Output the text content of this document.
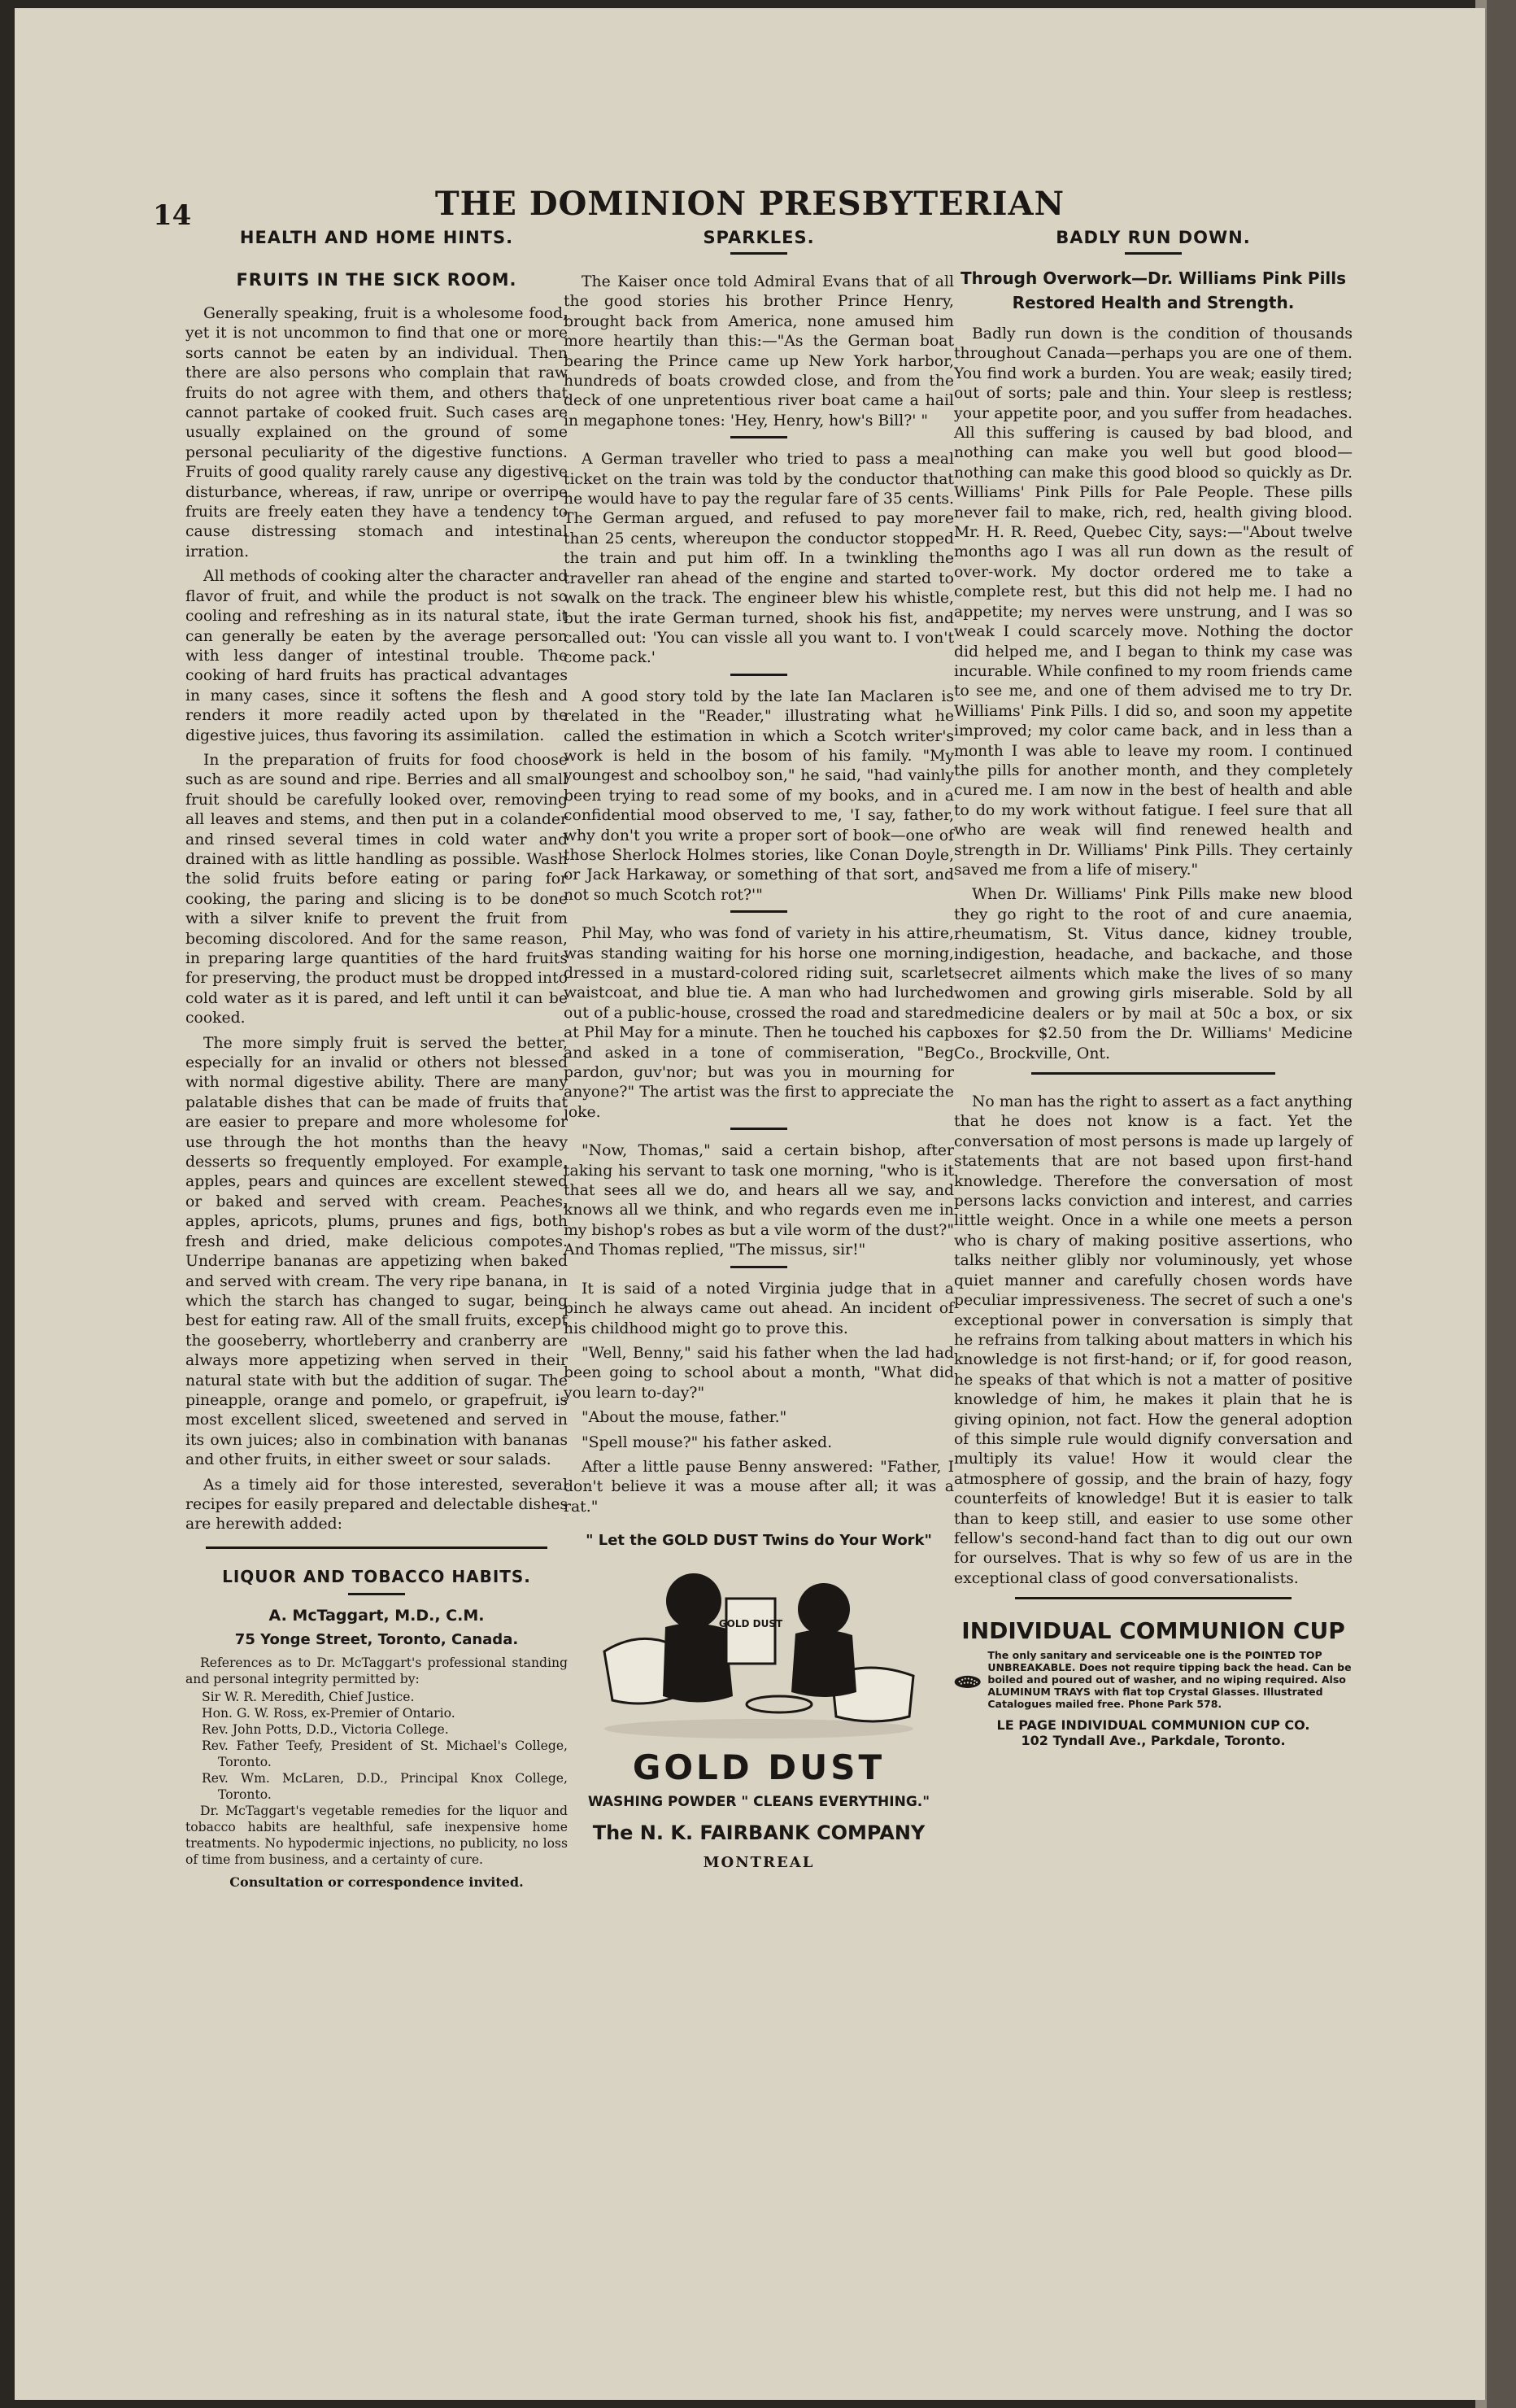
14	THE DOMINION PRESBYTERIAN
HEALTH AND HOME HINTS.
FRUITS IN THE SICK ROOM.

Generally speaking, fruit is a wholesome food, yet it is not uncommon to find that one or more sorts cannot be eaten by an individual. Then there are also persons who complain that raw fruits do not agree with them, and others that cannot partake of cooked fruit. Such cases are usually explained on the ground of some personal peculiarity of the digestive functions. Fruits of good quality rarely cause any digestive disturbance, whereas, if raw, unripe or overripe fruits are freely eaten they have a tendency to cause distressing stomach and intestinal irration.

All methods of cooking alter the character and flavor of fruit, and while the product is not so cooling and refreshing as in its natural state, it can generally be eaten by the average person with less danger of intestinal trouble. The cooking of hard fruits has practical advantages in many cases, since it softens the flesh and renders it more readily acted upon by the digestive juices, thus favoring its assimilation.

In the preparation of fruits for food choose such as are sound and ripe. Berries and all small fruit should be carefully looked over, removing all leaves and stems, and then put in a colander and rinsed several times in cold water and drained with as little handling as possible. Wash the solid fruits before eating or paring for cooking, the paring and slicing is to be done with a silver knife to prevent the fruit from becoming discolored. And for the same reason, in preparing large quantities of the hard fruits for preserving, the product must be dropped into cold water as it is pared, and left until it can be cooked.

The more simply fruit is served the better, especially for an invalid or others not blessed with normal digestive ability. There are many palatable dishes that can be made of fruits that are easier to prepare and more wholesome for use through the hot months than the heavy desserts so frequently employed. For example, apples, pears and quinces are excellent stewed or baked and served with cream. Peaches, apples, apricots, plums, prunes and figs, both fresh and dried, make delicious compotes. Underripe bananas are appetizing when baked and served with cream. The very ripe banana, in which the starch has changed to sugar, being best for eating raw. All of the small fruits, except the gooseberry, whortleberry and cranberry are always more appetizing when served in their natural state with but the addition of sugar. The pineapple, orange and pomelo, or grapefruit, is most excellent sliced, sweetened and served in its own juices; also in combination with bananas and other fruits, in either sweet or sour salads.

As a timely aid for those interested, several recipes for easily prepared and delectable dishes are herewith added:

LIQUOR AND TOBACCO HABITS.
A. McTaggart, M.D., C.M.
75 Yonge Street, Toronto, Canada.

References as to Dr. McTaggart's professional standing and personal integrity permitted by:

Sir W. R. Meredith, Chief Justice.

Hon. G. W. Ross, ex-Premier of Ontario.

Rev. John Potts, D.D., Victoria College.

Rev. Father Teefy, President of St. Michael's College, Toronto.

Rev. Wm. McLaren, D.D., Principal Knox College, Toronto.

Dr. McTaggart's vegetable remedies for the liquor and tobacco habits are healthful, safe inexpensive home treatments. No hypodermic injections, no publicity, no loss of time from business, and a certainty of cure.

Consultation or correspondence invited.
SPARKLES.

The Kaiser once told Admiral Evans that of all the good stories his brother Prince Henry, brought back from America, none amused him more heartily than this:—"As the German boat bearing the Prince came up New York harbor, hundreds of boats crowded close, and from the deck of one unpretentious river boat came a hail in megaphone tones: 'Hey, Henry, how's Bill?' "

A German traveller who tried to pass a meal ticket on the train was told by the conductor that he would have to pay the regular fare of 35 cents. The German argued, and refused to pay more than 25 cents, whereupon the conductor stopped the train and put him off. In a twinkling the traveller ran ahead of the engine and started to walk on the track. The engineer blew his whistle, but the irate German turned, shook his fist, and called out: 'You can vissle all you want to. I von't come pack.'

A good story told by the late Ian Maclaren is related in the "Reader," illustrating what he called the estimation in which a Scotch writer's work is held in the bosom of his family. "My youngest and schoolboy son," he said, "had vainly been trying to read some of my books, and in a confidential mood observed to me, 'I say, father, why don't you write a proper sort of book—one of those Sherlock Holmes stories, like Conan Doyle, or Jack Harkaway, or something of that sort, and not so much Scotch rot?'"

Phil May, who was fond of variety in his attire, was standing waiting for his horse one morning, dressed in a mustard-colored riding suit, scarlet waistcoat, and blue tie. A man who had lurched out of a public-house, crossed the road and stared at Phil May for a minute. Then he touched his cap and asked in a tone of commiseration, "Beg pardon, guv'nor; but was you in mourning for anyone?" The artist was the first to appreciate the joke.

"Now, Thomas," said a certain bishop, after taking his servant to task one morning, "who is it that sees all we do, and hears all we say, and knows all we think, and who regards even me in my bishop's robes as but a vile worm of the dust?" And Thomas replied, "The missus, sir!"

It is said of a noted Virginia judge that in a pinch he always came out ahead. An incident of his childhood might go to prove this.

"Well, Benny," said his father when the lad had been going to school about a month, "What did you learn to-day?"

"About the mouse, father."

"Spell mouse?" his father asked.

After a little pause Benny answered: "Father, I don't believe it was a mouse after all; it was a rat."

" Let the GOLD DUST Twins do Your Work"
GOLD DUST
GOLD DUST
WASHING POWDER " CLEANS EVERYTHING."
The N. K. FAIRBANK COMPANY
MONTREAL
BADLY RUN DOWN.
Through Overwork—Dr. Williams Pink Pills Restored Health and Strength.

Badly run down is the condition of thousands throughout Canada—perhaps you are one of them. You find work a burden. You are weak; easily tired; out of sorts; pale and thin. Your sleep is restless; your appetite poor, and you suffer from headaches. All this suffering is caused by bad blood, and nothing can make you well but good blood—nothing can make this good blood so quickly as Dr. Williams' Pink Pills for Pale People. These pills never fail to make, rich, red, health giving blood. Mr. H. R. Reed, Quebec City, says:—"About twelve months ago I was all run down as the result of over-work. My doctor ordered me to take a complete rest, but this did not help me. I had no appetite; my nerves were unstrung, and I was so weak I could scarcely move. Nothing the doctor did helped me, and I began to think my case was incurable. While confined to my room friends came to see me, and one of them advised me to try Dr. Williams' Pink Pills. I did so, and soon my appetite improved; my color came back, and in less than a month I was able to leave my room. I continued the pills for another month, and they completely cured me. I am now in the best of health and able to do my work without fatigue. I feel sure that all who are weak will find renewed health and strength in Dr. Williams' Pink Pills. They certainly saved me from a life of misery."

When Dr. Williams' Pink Pills make new blood they go right to the root of and cure anaemia, rheumatism, St. Vitus dance, kidney trouble, indigestion, headache, and backache, and those secret ailments which make the lives of so many women and growing girls miserable. Sold by all medicine dealers or by mail at 50c a box, or six boxes for $2.50 from the Dr. Williams' Medicine Co., Brockville, Ont.

No man has the right to assert as a fact anything that he does not know is a fact. Yet the conversation of most persons is made up largely of statements that are not based upon first-hand knowledge. Therefore the conversation of most persons lacks conviction and interest, and carries little weight. Once in a while one meets a person who is chary of making positive assertions, who talks neither glibly nor voluminously, yet whose quiet manner and carefully chosen words have peculiar impressiveness. The secret of such a one's exceptional power in conversation is simply that he refrains from talking about matters in which his knowledge is not first-hand; or if, for good reason, he speaks of that which is not a matter of positive knowledge of him, he makes it plain that he is giving opinion, not fact. How the general adoption of this simple rule would dignify conversation and multiply its value! How it would clear the atmosphere of gossip, and the brain of hazy, fogy counterfeits of knowledge! But it is easier to talk than to keep still, and easier to use some other fellow's second-hand fact than to dig out our own for ourselves. That is why so few of us are in the exceptional class of good conversationalists.

INDIVIDUAL COMMUNION CUP
The only sanitary and serviceable one is the POINTED TOP UNBREAKABLE. Does not require tipping back the head. Can be boiled and poured out of washer, and no wiping required. Also ALUMINUM TRAYS with flat top Crystal Glasses. Illustrated Catalogues mailed free. Phone Park 578.
LE PAGE INDIVIDUAL COMMUNION CUP CO.
102 Tyndall Ave., Parkdale, Toronto.
